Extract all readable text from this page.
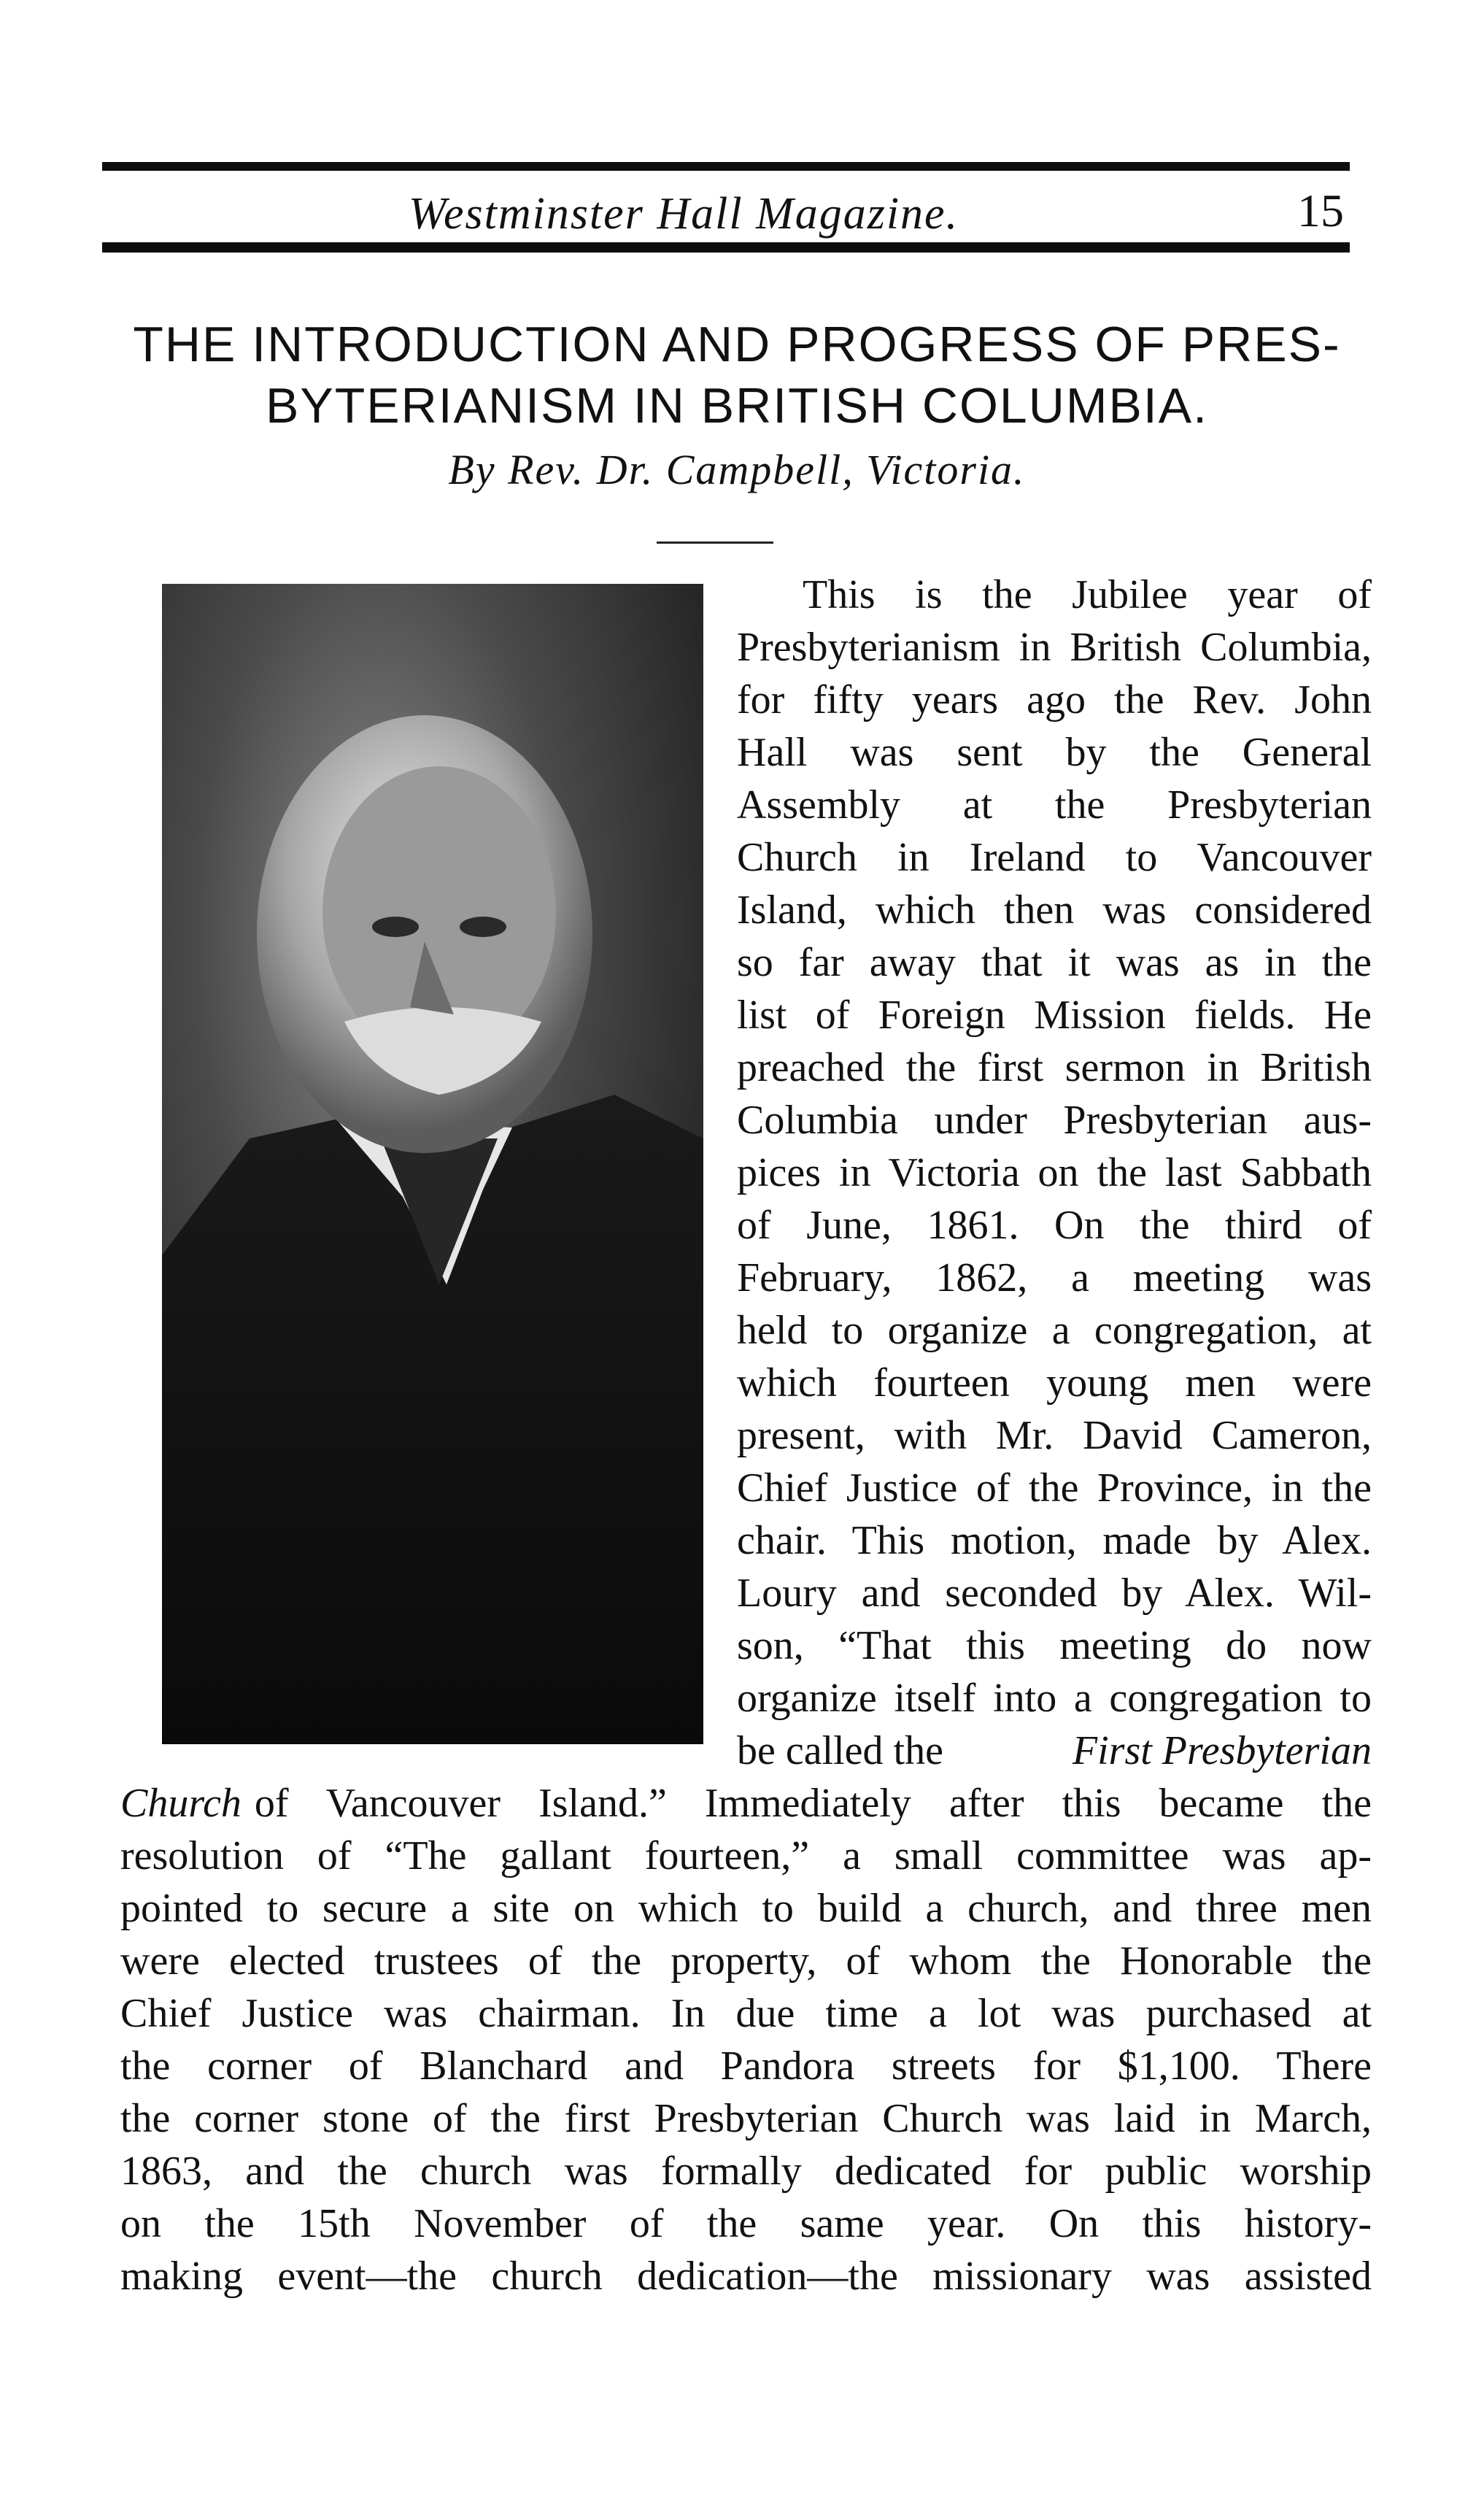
Westminster Hall Magazine.	15
THE INTRODUCTION AND PROGRESS OF PRES-
BYTERIANISM IN BRITISH COLUMBIA.
By Rev. Dr. Campbell, Victoria.
This is the Jubilee year of
Presbyterianism in British Columbia,
for fifty years ago the Rev. John
Hall was sent by the General
Assembly at the Presbyterian
Church in Ireland to Vancouver
Island, which then was considered
so far away that it was as in the
list of Foreign Mission fields. He
preached the first sermon in British
Columbia under Presbyterian aus-
pices in Victoria on the last Sabbath
of June, 1861. On the third of
February, 1862, a meeting was
held to organize a congregation, at
which fourteen young men were
present, with Mr. David Cameron,
Chief Justice of the Province, in the
chair. This motion, made by Alex.
Loury and seconded by Alex. Wil-
son, “That this meeting do now
organize itself into a congregation to
be called the	First Presbyterian
Church of Vancouver Island.” Immediately after this became the
resolution of “The gallant fourteen,” a small committee was ap-
pointed to secure a site on which to build a church, and three men
were elected trustees of the property, of whom the Honorable the
Chief Justice was chairman. In due time a lot was purchased at
the corner of Blanchard and Pandora streets for $1,100. There
the corner stone of the first Presbyterian Church was laid in March,
1863, and the church was formally dedicated for public worship
on the 15th November of the same year. On this history-
making event—the church dedication—the missionary was assisted
